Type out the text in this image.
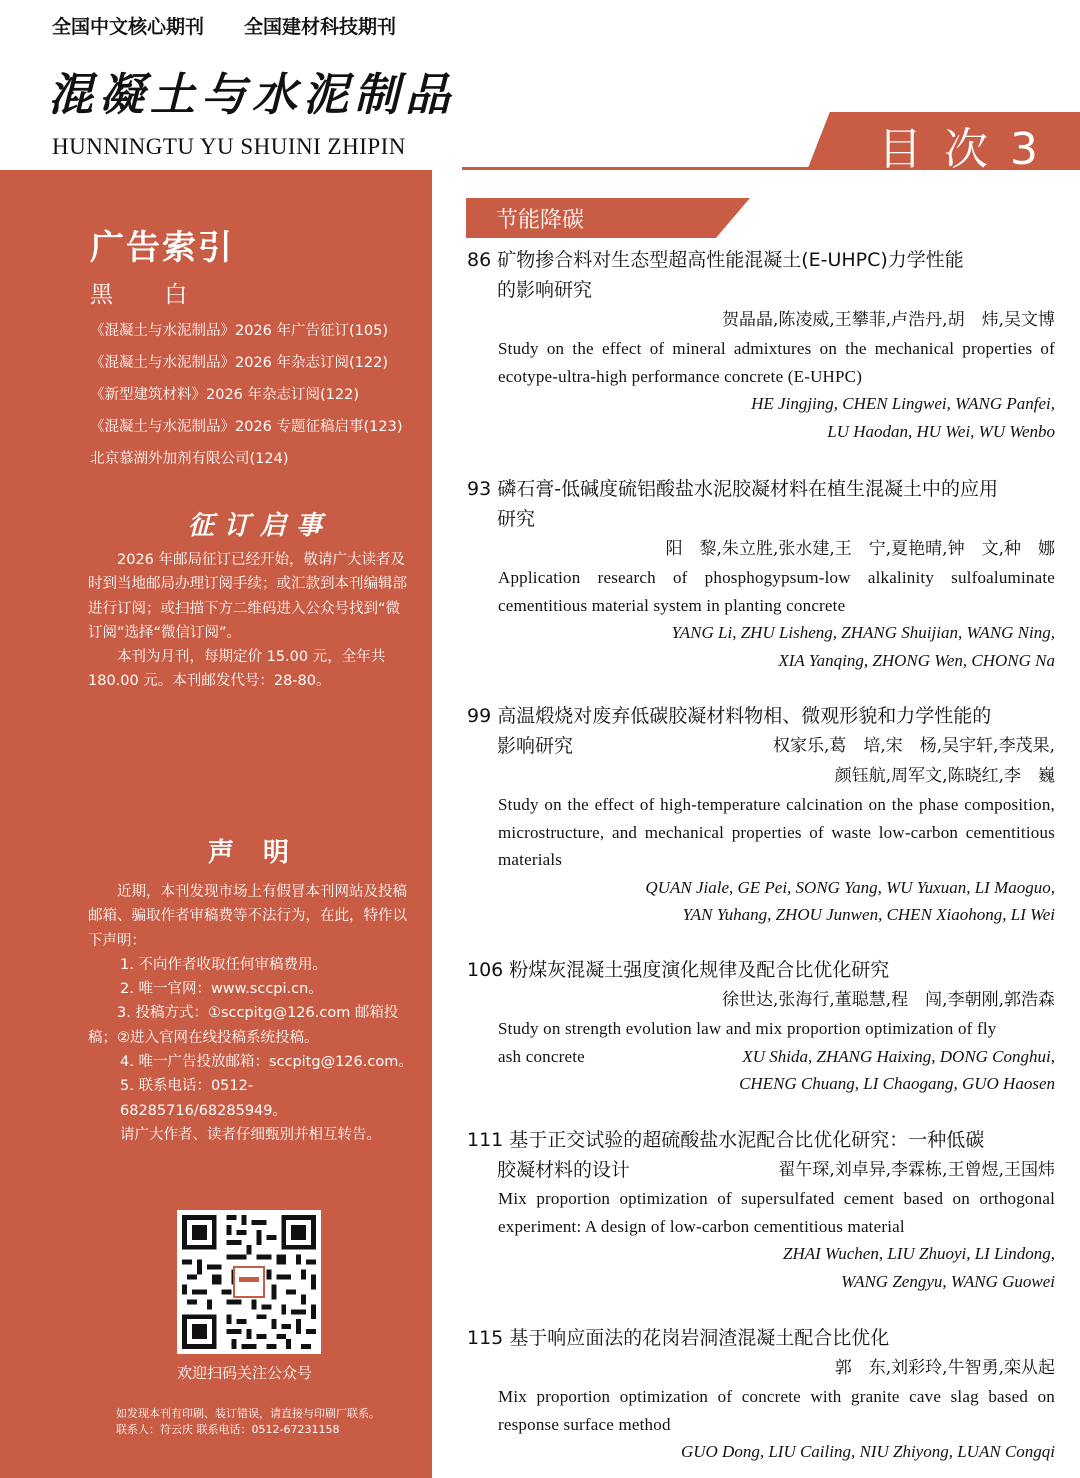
全国中文核心期刊 全国建材科技期刊
混凝土与水泥制品
HUNNINGTU YU SHUINI ZHIPIN	目 次 3
广告索引
黑 白
《混凝土与水泥制品》2026 年广告征订(105)
《混凝土与水泥制品》2026 年杂志订阅(122)
《新型建筑材料》2026 年杂志订阅(122)
《混凝土与水泥制品》2026 专题征稿启事(123)
北京慕湖外加剂有限公司(124)
征订启事

2026 年邮局征订已经开始，敬请广大读者及时到当地邮局办理订阅手续；或汇款到本刊编辑部进行订阅；或扫描下方二维码进入公众号找到“微订阅”选择“微信订阅”。

本刊为月刊，每期定价 15.00 元，全年共 180.00 元。本刊邮发代号：28-80。

声 明

近期，本刊发现市场上有假冒本刊网站及投稿邮箱、骗取作者审稿费等不法行为，在此，特作以下声明：

1. 不向作者收取任何审稿费用。

2. 唯一官网：www.sccpi.cn。

3. 投稿方式：①sccpitg@126.com 邮箱投稿；②进入官网在线投稿系统投稿。

4. 唯一广告投放邮箱：sccpitg@126.com。

5. 联系电话：0512-68285716/68285949。

请广大作者、读者仔细甄别并相互转告。

欢迎扫码关注公众号
如发现本刊有印刷、装订错误，请直接与印刷厂联系。
联系人：符云庆 联系电话：0512-67231158
节能降碳
86 矿物掺合料对生态型超高性能混凝土(E-UHPC)力学性能
的影响研究
贺晶晶,陈凌威,王攀菲,卢浩丹,胡　炜,吴文博
Study on the effect of mineral admixtures on the mechanical properties of ecotype-ultra-high performance concrete (E-UHPC)
HE Jingjing, CHEN Lingwei, WANG Panfei,
LU Haodan, HU Wei, WU Wenbo
93 磷石膏-低碱度硫铝酸盐水泥胶凝材料在植生混凝土中的应用
研究
阳　黎,朱立胜,张水建,王　宁,夏艳晴,钟　文,种　娜
Application research of phosphogypsum-low alkalinity sulfoaluminate cementitious material system in planting concrete
YANG Li, ZHU Lisheng, ZHANG Shuijian, WANG Ning,
XIA Yanqing, ZHONG Wen, CHONG Na
99 高温煅烧对废弃低碳胶凝材料物相、微观形貌和力学性能的
影响研究	权家乐,葛　培,宋　杨,吴宇轩,李茂果,
颜钰航,周军文,陈晓红,李　巍
Study on the effect of high-temperature calcination on the phase composition, microstructure, and mechanical properties of waste low-carbon cementitious materials
QUAN Jiale, GE Pei, SONG Yang, WU Yuxuan, LI Maoguo,
YAN Yuhang, ZHOU Junwen, CHEN Xiaohong, LI Wei
106 粉煤灰混凝土强度演化规律及配合比优化研究
徐世达,张海行,董聪慧,程　闯,李朝刚,郭浩森
Study on strength evolution law and mix proportion optimization of fly
ash concrete	XU Shida, ZHANG Haixing, DONG Conghui,
CHENG Chuang, LI Chaogang, GUO Haosen
111 基于正交试验的超硫酸盐水泥配合比优化研究：一种低碳
胶凝材料的设计	翟午琛,刘卓异,李霖栋,王曾煜,王国炜
Mix proportion optimization of supersulfated cement based on orthogonal experiment: A design of low-carbon cementitious material
ZHAI Wuchen, LIU Zhuoyi, LI Lindong,
WANG Zengyu, WANG Guowei
115 基于响应面法的花岗岩洞渣混凝土配合比优化
郭　东,刘彩玲,牛智勇,栾从起
Mix proportion optimization of concrete with granite cave slag based on response surface method
GUO Dong, LIU Cailing, NIU Zhiyong, LUAN Congqi
